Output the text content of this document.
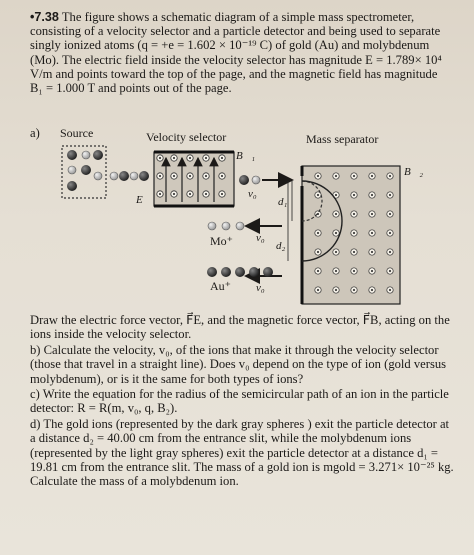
•7.38 The figure shows a schematic diagram of a simple mass spectrometer, consisting of a velocity selector and a particle detector and being used to separate singly ionized atoms (q = +e = 1.602 × 10⁻¹⁹ C) of gold (Au) and molybdenum (Mo). The electric field inside the velocity selector has magnitude E = 1.789× 10⁴ V/m and points toward the top of the page, and the magnetic field has magnitude B₁ = 1.000 T and points out of the page.
a) Source	Velocity selector	Mass separator
B⃗₁
B⃗₂
E⃗	v₀
d₁
d₂
v₀
Mo⁺
v₀
Au⁺

Draw the electric force vector, F⃗E, and the magnetic force vector, F⃗B, acting on the ions inside the velocity selector.

b) Calculate the velocity, v₀, of the ions that make it through the velocity selector (those that travel in a straight line). Does v₀ depend on the type of ion (gold versus molybdenum), or is it the same for both types of ions?

c) Write the equation for the radius of the semicircular path of an ion in the particle detector: R = R(m, v₀, q, B₂).

d) The gold ions (represented by the dark gray spheres ) exit the particle detector at a distance d₂ = 40.00 cm from the entrance slit, while the molybdenum ions (represented by the light gray spheres) exit the particle detector at a distance d₁ = 19.81 cm from the entrance slit. The mass of a gold ion is mgold = 3.271× 10⁻²⁵ kg. Calculate the mass of a molybdenum ion.
